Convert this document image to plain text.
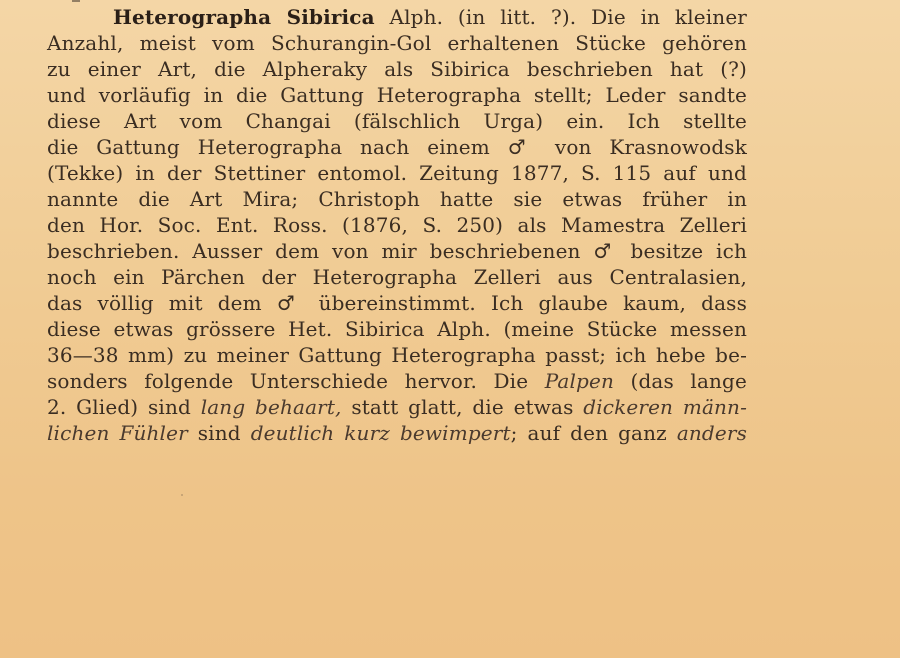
Heterographa Sibirica Alph. (in litt. ?). Die in kleiner
Anzahl, meist vom Schurangin-Gol erhaltenen Stücke gehören
zu einer Art, die Alpheraky als Sibirica beschrieben hat (?)
und vorläufig in die Gattung Heterographa stellt; Leder sandte
diese Art vom Changai (fälschlich Urga) ein. Ich stellte
die Gattung Heterographa nach einem ♂ von Krasnowodsk
(Tekke) in der Stettiner entomol. Zeitung 1877, S. 115 auf und
nannte die Art Mira; Christoph hatte sie etwas früher in
den Hor. Soc. Ent. Ross. (1876, S. 250) als Mamestra Zelleri
beschrieben. Ausser dem von mir beschriebenen ♂ besitze ich
noch ein Pärchen der Heterographa Zelleri aus Centralasien,
das völlig mit dem ♂ übereinstimmt. Ich glaube kaum, dass
diese etwas grössere Het. Sibirica Alph. (meine Stücke messen
36—38 mm) zu meiner Gattung Heterographa passt; ich hebe be-
sonders folgende Unterschiede hervor. Die Palpen (das lange
2. Glied) sind lang behaart, statt glatt, die etwas dickeren männ-
lichen Fühler sind deutlich kurz bewimpert; auf den ganz anders
